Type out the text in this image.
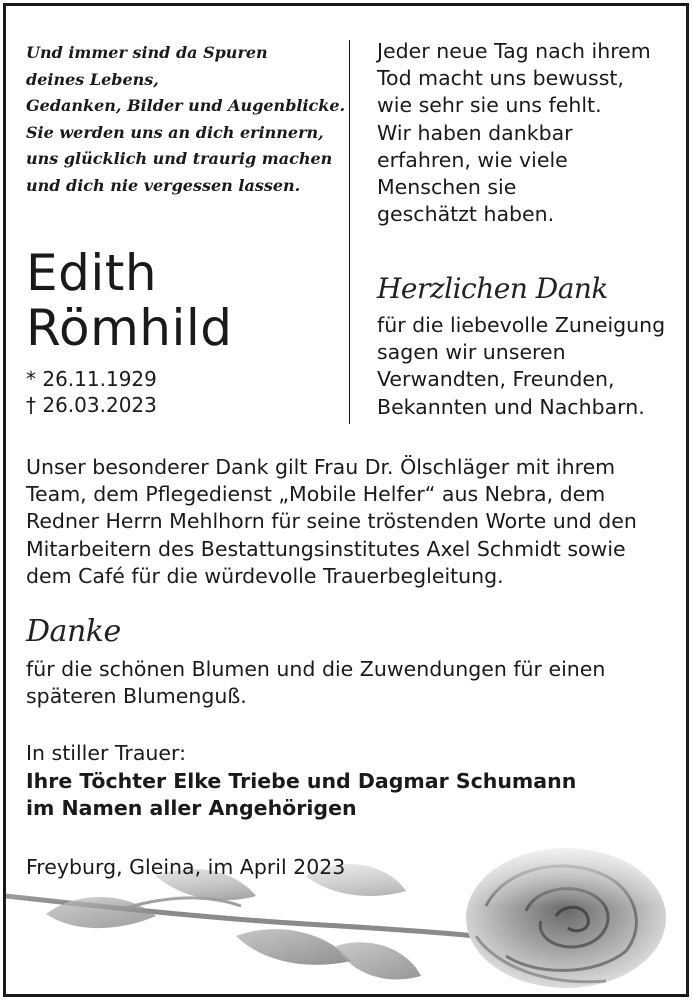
Und immer sind da Spuren
deines Lebens,
Gedanken, Bilder und Augenblicke.
Sie werden uns an dich erinnern,
uns glücklich und traurig machen
und dich nie vergessen lassen.
Jeder neue Tag nach ihrem
Tod macht uns bewusst,
wie sehr sie uns fehlt.
Wir haben dankbar
erfahren, wie viele
Menschen sie
geschätzt haben.
Edith
Römhild
* 26.11.1929
† 26.03.2023
Herzlichen Dank
für die liebevolle Zuneigung
sagen wir unseren
Verwandten, Freunden,
Bekannten und Nachbarn.
Unser besonderer Dank gilt Frau Dr. Ölschläger mit ihrem
Team, dem Pflegedienst „Mobile Helfer“ aus Nebra, dem
Redner Herrn Mehlhorn für seine tröstenden Worte und den
Mitarbeitern des Bestattungsinstitutes Axel Schmidt sowie
dem Café für die würdevolle Trauerbegleitung.
Danke
für die schönen Blumen und die Zuwendungen für einen
späteren Blumenguß.
In stiller Trauer:
Ihre Töchter Elke Triebe und Dagmar Schumann
im Namen aller Angehörigen
Freyburg, Gleina, im April 2023
